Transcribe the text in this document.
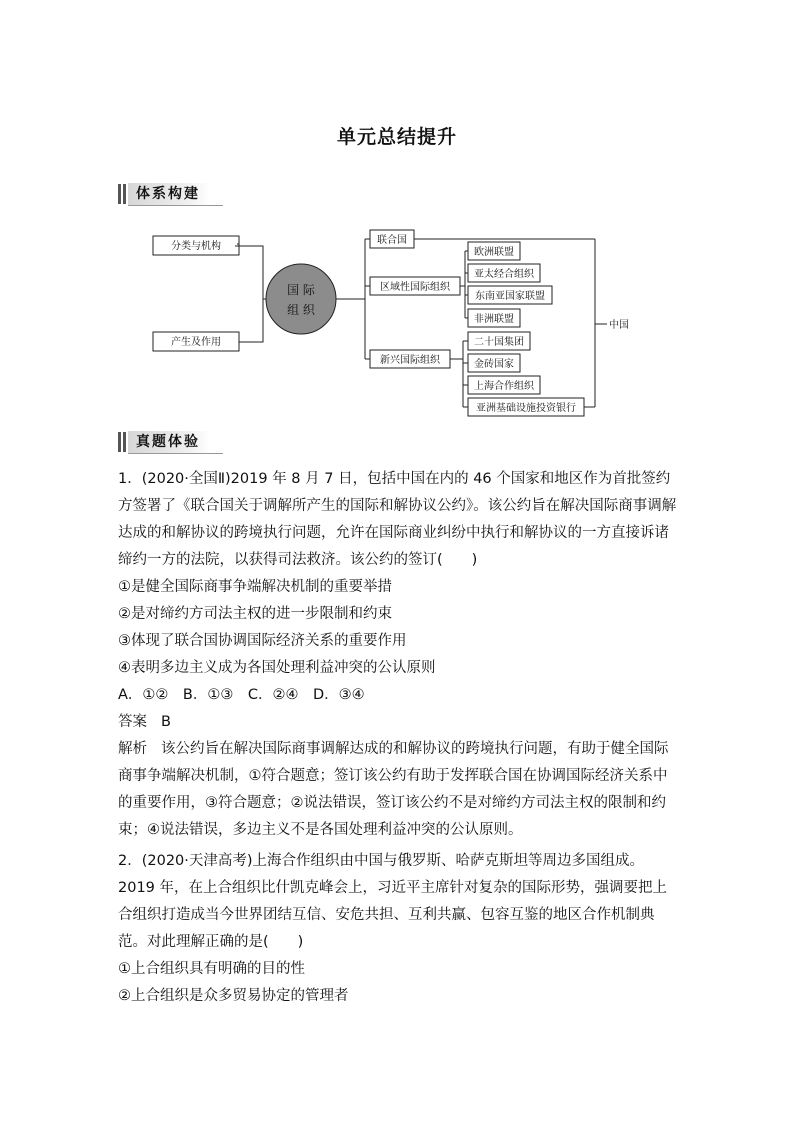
单元总结提升
体系构建
分类与机构
产生及作用
国 际
组 织
联合国
区域性国际组织
欧洲联盟
亚太经合组织
东南亚国家联盟
非洲联盟
新兴国际组织
二十国集团
金砖国家
上海合作组织
亚洲基础设施投资银行
中国
真题体验

1．(2020·全国Ⅱ)2019 年 8 月 7 日，包括中国在内的 46 个国家和地区作为首批签约方签署了《联合国关于调解所产生的国际和解协议公约》。该公约旨在解决国际商事调解达成的和解协议的跨境执行问题，允许在国际商业纠纷中执行和解协议的一方直接诉诸缔约一方的法院，以获得司法救济。该公约的签订(　　)

①是健全国际商事争端解决机制的重要举措

②是对缔约方司法主权的进一步限制和约束

③体现了联合国协调国际经济关系的重要作用

④表明多边主义成为各国处理利益冲突的公认原则

A．①②　B．①③　C．②④　D．③④

答案 B

解析 该公约旨在解决国际商事调解达成的和解协议的跨境执行问题，有助于健全国际商事争端解决机制，①符合题意；签订该公约有助于发挥联合国在协调国际经济关系中的重要作用，③符合题意；②说法错误，签订该公约不是对缔约方司法主权的限制和约束；④说法错误，多边主义不是各国处理利益冲突的公认原则。

2．(2020·天津高考)上海合作组织由中国与俄罗斯、哈萨克斯坦等周边多国组成。2019 年，在上合组织比什凯克峰会上，习近平主席针对复杂的国际形势，强调要把上合组织打造成当今世界团结互信、安危共担、互利共赢、包容互鉴的地区合作机制典范。对此理解正确的是(　　)

①上合组织具有明确的目的性

②上合组织是众多贸易协定的管理者
